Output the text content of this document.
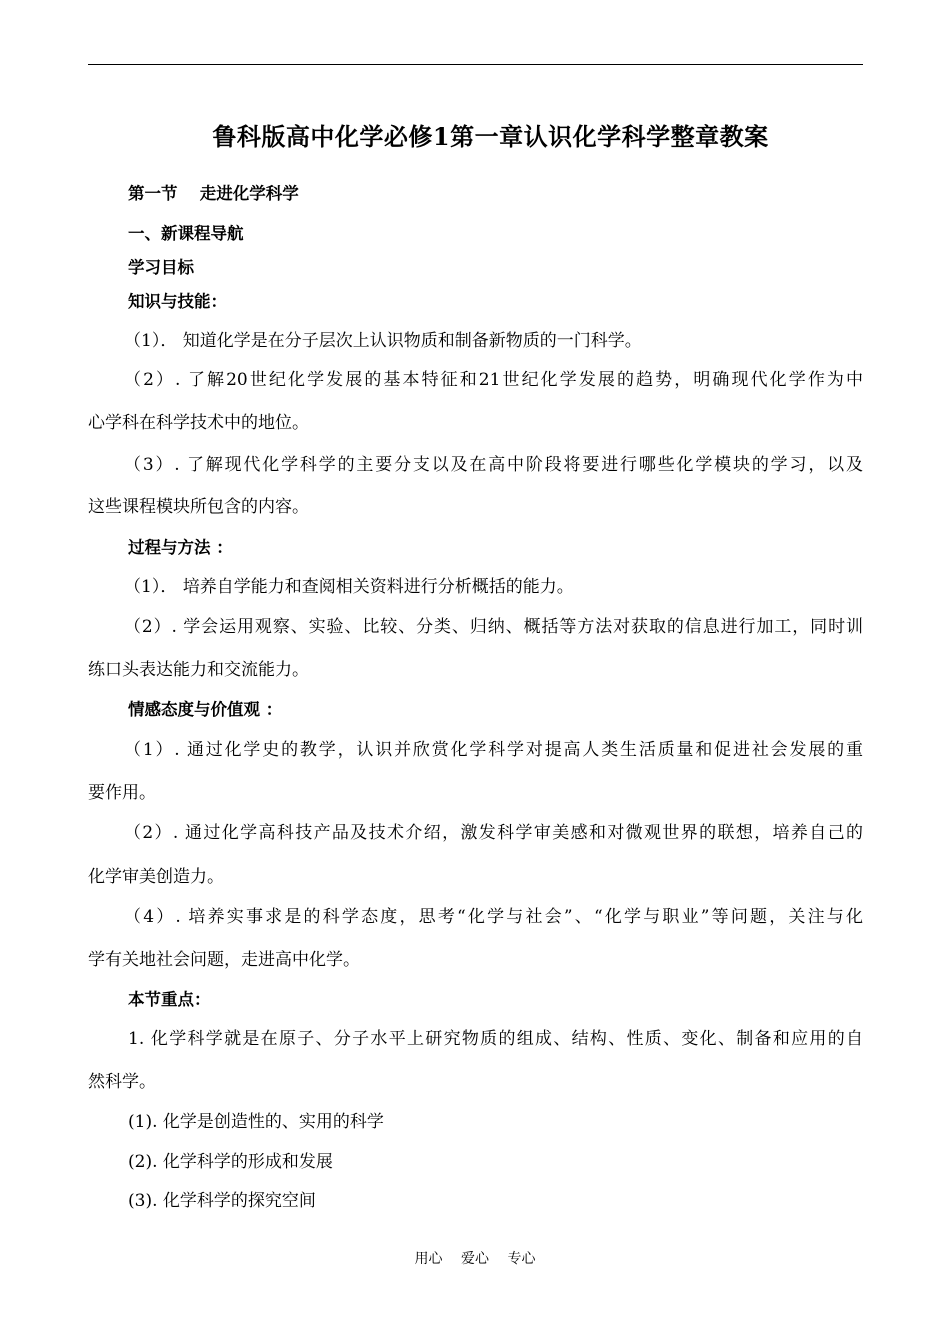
鲁科版高中化学必修1第一章认识化学科学整章教案
第一节　 走进化学科学
一、新课程导航
学习目标
知识与技能：
（1）． 知道化学是在分子层次上认识物质和制备新物质的一门科学。
（2）. 了解20世纪化学发展的基本特征和21世纪化学发展的趋势，明确现代化学作为中
心学科在科学技术中的地位。
（3）. 了解现代化学科学的主要分支以及在高中阶段将要进行哪些化学模块的学习，以及
这些课程模块所包含的内容。
过程与方法 ：
（1）． 培养自学能力和查阅相关资料进行分析概括的能力。
（2）. 学会运用观察、实验、比较、分类、归纳、概括等方法对获取的信息进行加工，同时训
练口头表达能力和交流能力。
情感态度与价值观 ：
（1）. 通过化学史的教学，认识并欣赏化学科学对提高人类生活质量和促进社会发展的重
要作用。
（2）. 通过化学高科技产品及技术介绍，激发科学审美感和对微观世界的联想，培养自己的
化学审美创造力。
（4）. 培养实事求是的科学态度，思考“化学与社会”、“化学与职业”等问题，关注与化
学有关地社会问题，走进高中化学。
本节重点：
1. 化学科学就是在原子、分子水平上研究物质的组成、结构、性质、变化、制备和应用的自
然科学。
(1). 化学是创造性的、实用的科学
(2). 化学科学的形成和发展
(3). 化学科学的探究空间
用心　 爱心　 专心
